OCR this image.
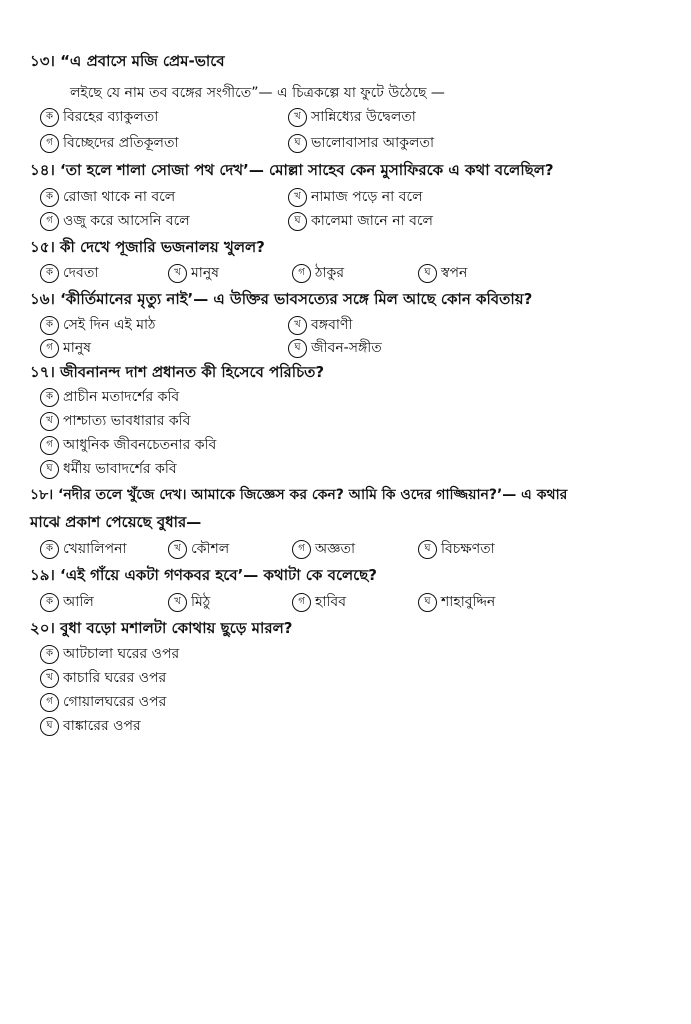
১৩। “এ প্রবাসে মজি প্রেম-ভাবে
লইছে যে নাম তব বঙ্গের সংগীতে”— এ চিত্রকল্পে যা ফুটে উঠেছে —
ক বিরহের ব্যাকুলতা	খ সান্নিধ্যের উদ্বেলতা
গ বিচ্ছেদের প্রতিকূলতা	ঘ ভালোবাসার আকুলতা
১৪। ‘তা হলে শালা সোজা পথ দেখ’— মোল্লা সাহেব কেন মুসাফিরকে এ কথা বলেছিল?
ক রোজা থাকে না বলে	খ নামাজ পড়ে না বলে
গ ওজু করে আসেনি বলে	ঘ কালেমা জানে না বলে
১৫। কী দেখে পূজারি ভজনালয় খুলল?
ক দেবতা	খ মানুষ	গ ঠাকুর	ঘ স্বপন
১৬। ‘কীর্তিমানের মৃত্যু নাই’— এ উক্তির ভাবসত্যের সঙ্গে মিল আছে কোন কবিতায়?
ক সেই দিন এই মাঠ	খ বঙ্গবাণী
গ মানুষ	ঘ জীবন-সঙ্গীত
১৭। জীবনানন্দ দাশ প্রধানত কী হিসেবে পরিচিত?
ক প্রাচীন মতাদর্শের কবি
খ পাশ্চাত্য ভাবধারার কবি
গ আধুনিক জীবনচেতনার কবি
ঘ ধর্মীয় ভাবাদর্শের কবি
১৮। ‘নদীর তলে খুঁজে দেখ। আমাকে জিজ্ঞেস কর কেন? আমি কি ওদের গাজ্জিয়ান?’— এ কথার
মাঝে প্রকাশ পেয়েছে বুধার—
ক খেয়ালিপনা	খ কৌশল	গ অজ্ঞতা	ঘ বিচক্ষণতা
১৯। ‘এই গাঁয়ে একটা গণকবর হবে’— কথাটা কে বলেছে?
ক আলি	খ মিঠু	গ হাবিব	ঘ শাহাবুদ্দিন
২০। বুধা বড়ো মশালটা কোথায় ছুড়ে মারল?
ক আটচালা ঘরের ওপর
খ কাচারি ঘরের ওপর
গ গোয়ালঘরের ওপর
ঘ বাঙ্কারের ওপর
